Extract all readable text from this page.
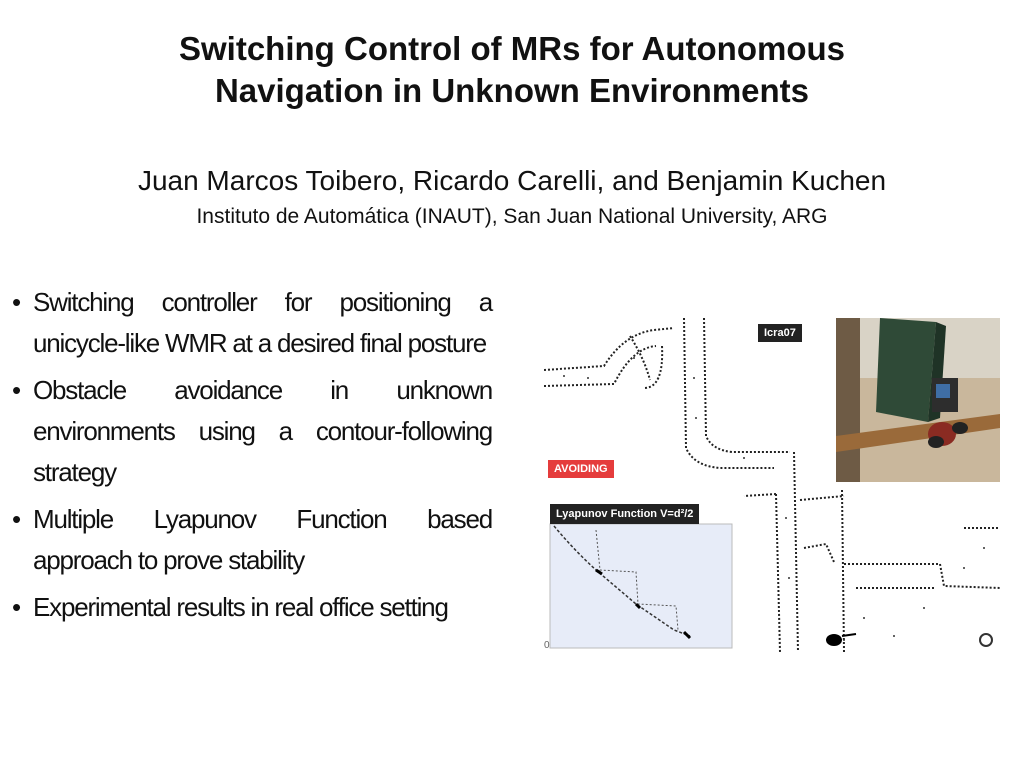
Switching Control of MRs for Autonomous
Navigation in Unknown Environments
Juan Marcos Toibero, Ricardo Carelli, and Benjamin Kuchen
Instituto de Automática (INAUT), San Juan National University, ARG
• Switching controller for positioning a unicycle-like WMR at a desired final posture
• Obstacle avoidance in unknown environments using a contour-following strategy
• Multiple Lyapunov Function based approach to prove stability
• Experimental results in real office setting
Icra07
AVOIDING
Lyapunov Function V=d²/2
0
